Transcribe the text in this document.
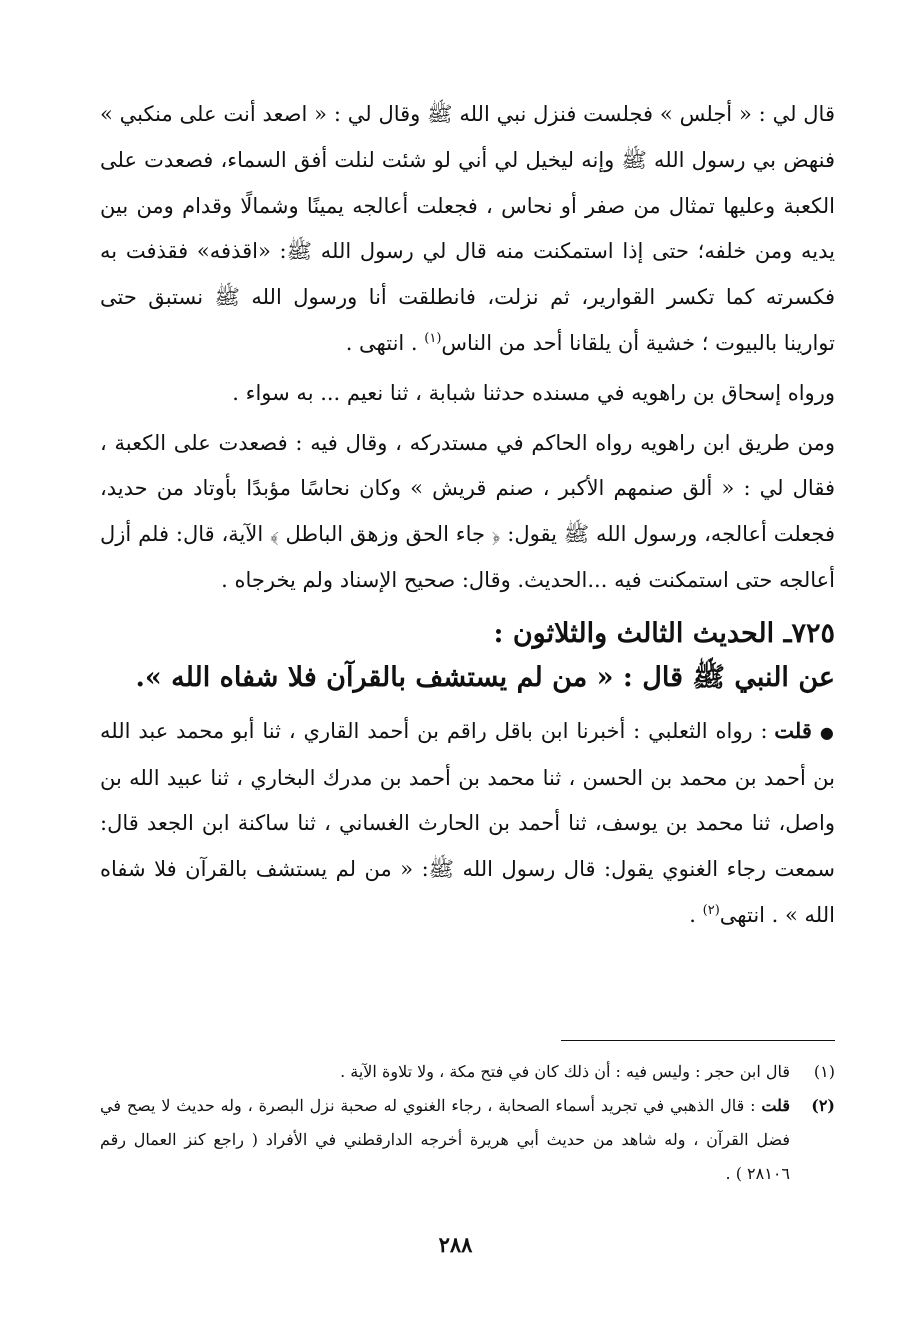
قال لي : « أجلس » فجلست فنزل نبي الله ﷺ وقال لي : « اصعد أنت على منكبي » فنهض بي رسول الله ﷺ وإنه ليخيل لي أني لو شئت لنلت أفق السماء، فصعدت على الكعبة وعليها تمثال من صفر أو نحاس ، فجعلت أعالجه يمينًا وشمالًا وقدام ومن بين يديه ومن خلفه؛ حتى إذا استمكنت منه قال لي رسول الله ﷺ: «اقذفه» فقذفت به فكسرته كما تكسر القوارير، ثم نزلت، فانطلقت أنا ورسول الله ﷺ نستبق حتى توارينا بالبيوت ؛ خشية أن يلقانا أحد من الناس$^{(١)}$ . انتهى .

ورواه إسحاق بن راهويه في مسنده حدثنا شبابة ، ثنا نعيم ... به سواء .

ومن طريق ابن راهويه رواه الحاكم في مستدركه ، وقال فيه : فصعدت على الكعبة ، فقال لي : « ألق صنمهم الأكبر ، صنم قريش » وكان نحاسًا مؤبدًا بأوتاد من حديد، فجعلت أعالجه، ورسول الله ﷺ يقول: ﴿ جاء الحق وزهق الباطل ﴾ الآية، قال: فلم أزل أعالجه حتى استمكنت فيه ...الحديث. وقال: صحيح الإسناد ولم يخرجاه .

٧٢٥ـ الحديث الثالث والثلاثون :

عن النبي ﷺ قال : « من لم يستشف بالقرآن فلا شفاه الله ».

● قلت : رواه الثعلبي : أخبرنا ابن باقل راقم بن أحمد القاري ، ثنا أبو محمد عبد الله بن أحمد بن محمد بن الحسن ، ثنا محمد بن أحمد بن مدرك البخاري ، ثنا عبيد الله بن واصل، ثنا محمد بن يوسف، ثنا أحمد بن الحارث الغساني ، ثنا ساكنة ابن الجعد قال: سمعت رجاء الغنوي يقول: قال رسول الله ﷺ: « من لم يستشف بالقرآن فلا شفاه الله » . انتهى$^{(٢)}$ .

(١)
قال ابن حجر : وليس فيه : أن ذلك كان في فتح مكة ، ولا تلاوة الآية .

(٢)
قلت : قال الذهبي في تجريد أسماء الصحابة ، رجاء الغنوي له صحبة نزل البصرة ، وله حديث لا يصح في فضل القرآن ، وله شاهد من حديث أبي هريرة أخرجه الدارقطني في الأفراد ( راجع كنز العمال رقم ٢٨١٠٦ ) .

٢٨٨
